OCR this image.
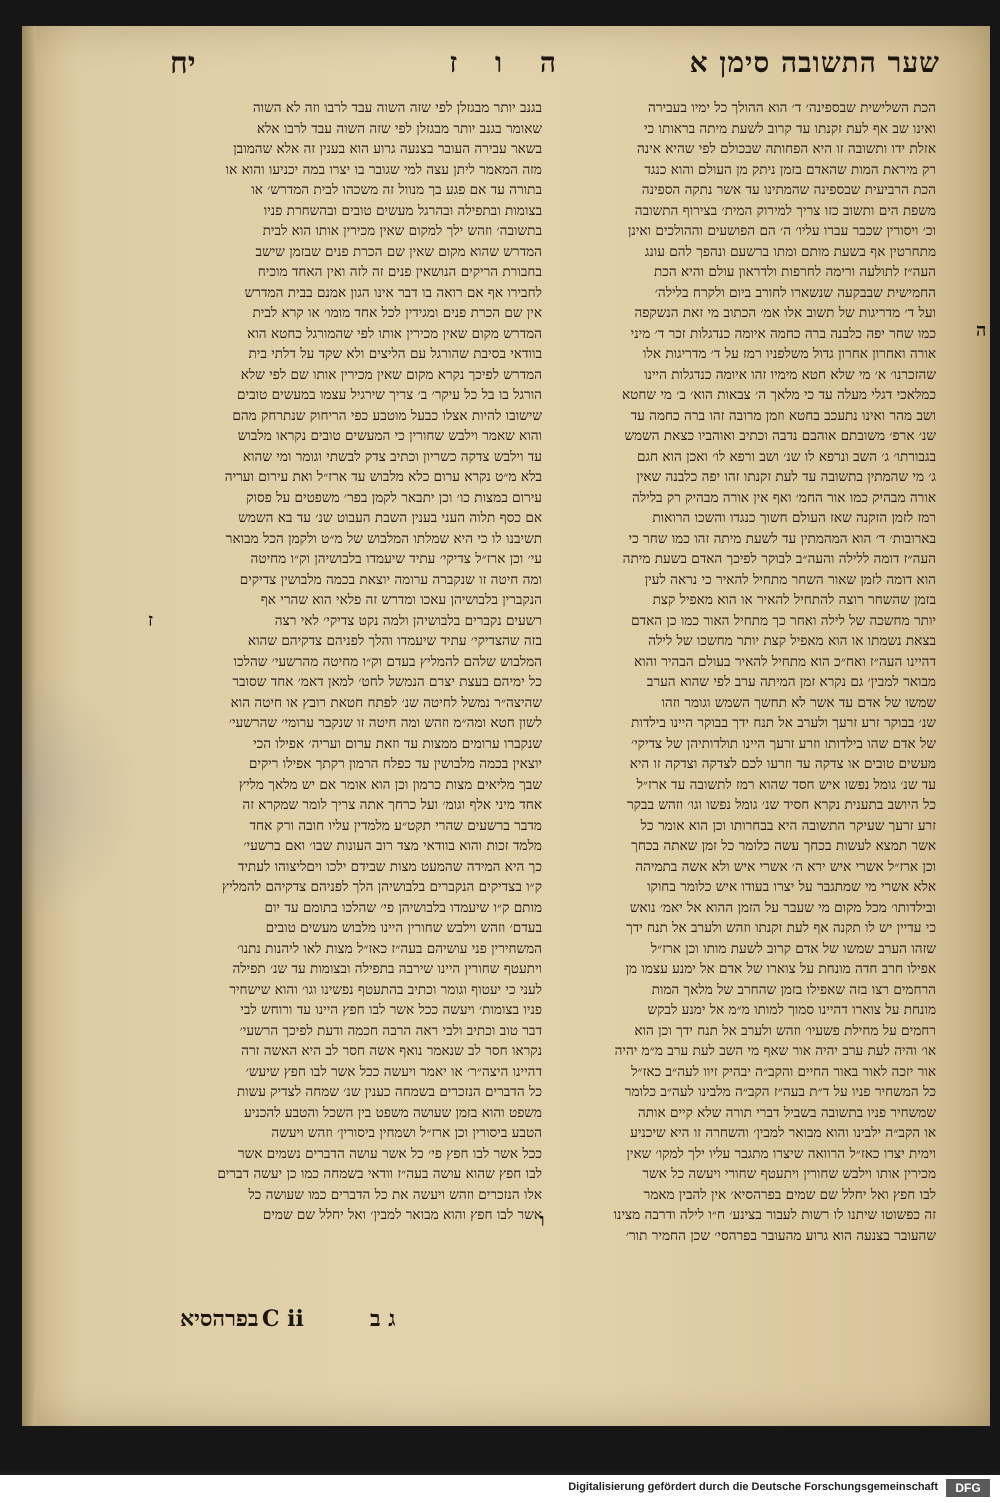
שער התשובה סימן א
ה ו ז
יח
הכת השלישית שבספינה׳ ד׳ הוא ההולך כל ימיו בעבירה
ואינו שב אף לעת זקנתו עד קרוב לשעת מיתה בראותו כי
אזלת ידו ותשובה זו היא הפחותה שבכולם לפי שהיא אינה
רק מיראת המות שהאדם בזמן ניתק מן העולם והוא כנגד
הכת הרביעית שבספינה שהמתינו עד אשר נתקה הספינה
משפת הים ותשוב כזו צריך למירוק המית׳ בצירוף התשובה
וכ׳ ויסורין שכבר עברו עליו׳ ה׳ הם הפושעים וההולכים ואינן
מתחרטין אף בשעת מותם ומתו ברשעם ונהפך להם עונג
העה״ז לתולעה ורימה לחרפות ולדראון עולם והיא הכת
החמישית שבבקעה שנשארו לחורב ביום ולקרח בלילה׳
ועל ד׳ מדריגות של תשוב אלו אמ׳ הכתוב מי זאת הנשקפה
כמו שחר יפה כלבנה ברה כחמה איומה כנדגלות זכר ד׳ מיני
אורה ואחרון אחרון גדול משלפניו רמז על ד׳ מדריגות אלו
שהזכרנו׳ א׳ מי שלא חטא מימיו זהו איומה כנדגלות היינו
כמלאכי דגלי מעלה עד כי מלאך ה׳ צבאות הוא׳ ב׳ מי שחטא
ושב מהר ואינו נתעכב בחטא וזמן מרובה זהו ברה כחמה עד
שנ׳ ארפ׳ משובתם אוהבם נדבה וכתיב ואוהביו כצאת השמש
בגבורתו׳ ג׳ השב ונרפא לו שנ׳ ושב ורפא לו׳ ואכן הוא חגם
ג׳ מי שהמתין בתשובה עד לעת זקנתו זהו יפה כלבנה שאין
אורה מבהיק כמו אור החמ׳ ואף אין אורה מבהיק רק בלילה
רמז לזמן הזקנה שאז העולם חשוך כנגדו והשכו הרואות
בארובות׳ ד׳ הוא המהמתין עד לשעת מיתה זהו כמו שחר כי
העה״ז דומה ללילה והעה״ב לבוקר לפיכך האדם בשעת מיתה
הוא דומה לזמן שאור השחר מתחיל להאיר כי נראה לעין
בזמן שהשחר רוצה להתחיל להאיר או הוא מאפיל קצת
יותר מחשכה של לילה ואחר כך מתחיל האור כמו כן האדם
בצאת נשמתו או הוא מאפיל קצת יותר מחשכו של לילה
דהיינו העה״ז ואח״כ הוא מתחיל להאיר בעולם הבהיר והוא
מבואר למבין׳ גם נקרא זמן המיתה ערב לפי שהוא הערב
שמשו של אדם עד אשר לא תחשך השמש וגומר וזהו
שנ׳ בבוקר זרע זרעך ולערב אל תנח ידך בבוקר היינו בילדות
של אדם שהו בילדותו וזרע זרעך היינו תולדותיהן של צדיקי׳
מעשים טובים או צדקה עד וזרעו לכם לצדקה וצדקה זו היא
עד שנ׳ גומל נפשו איש חסד שהוא רמז לתשובה עד ארז״ל
כל היושב בתענית נקרא חסיד שנ׳ גומל נפשו וגו׳ וזהש בבקר
זרע זרעך שעיקר התשובה היא בבחרותו וכן הוא אומר כל
אשר תמצא לעשות בכחך עשה כלומר כל זמן שאתה בכחך
וכן ארז״ל אשרי איש ירא ה׳ אשרי איש ולא אשה בתמיהה
אלא אשרי מי שמתגבר על יצרו בעודו איש כלומר בחוקו
ובילדותו׳ מכל מקום מי שעבר על הזמן ההוא אל יאמ׳ נואש
כי עדיין יש לו תקנה אף לעת זקנתו וזהש ולערב אל תנח ידך
שזהו הערב שמשו של אדם קרוב לשעת מותו וכן ארז״ל
אפילו חרב חדה מונחת על צוארו של אדם אל ימנע עצמו מן
הרחמים רצו בזה שאפילו בזמן שהחרב של מלאך המות
מונחת על צוארו דהיינו סמוך למותו מ״מ אל ימנע לבקש
רחמים על מחילת פשעיו׳ וזהש ולערב אל תנח ידך וכן הוא
או׳ והיה לעת ערב יהיה אור שאף מי השב לעת ערב מ״מ יהיה
אור יזכה לאור באור החיים והקב״ה יבהיק זיוו לעה״ב כאז״ל
כל המשחיר פניו על ד״ת בעה״ז הקב״ה מלבינו לעה״ב כלומר
שמשחיר פניו בתשובה בשביל דברי תורה שלא קיים אותה
או הקב״ה ילבינו והוא מבואר למבין׳ והשחרה זו היא שיכניע
וימית יצרו כאז״ל הרוואה שיצרו מתגבר עליו ילך למקו׳ שאין
מכירין אותו וילבש שחורין ויתעטף שחורי ויעשה כל אשר
לבו חפץ ואל יחלל שם שמים בפרהסיא׳ אין להבין מאמר
זה כפשוטו שיתנו לו רשות לעבור בצינע׳ ח״ו לילה ודרבה מצינו
שהעובר בצנעה הוא גרוע מהעובר בפרהסי׳ שכן החמיר תור׳
בגנב יותר מבגזלן לפי שזה השוה עבד לרבו וזה לא השוה
שאומר בגנב יותר מבגזלן לפי שזה השוה עבד לרבו אלא
בשאר עבירה העובר בצנעה גרוע הוא בענין זה אלא שהמובן
מזה המאמר ליתן עצה למי שגובר בו יצרו במה יכניעו והוא או
בתורה עד אם פגע בך מנוול זה משכהו לבית המדרש׳ או
בצומות ובתפילה ובהרגל מעשים טובים ובהשחרת פניו
בתשובה׳ וזהש ילך למקום שאין מכירין אותו הוא לבית
המדרש שהוא מקום שאין שם הכרת פנים שבזמן שישב
בחבורת הריקים הנושאין פנים זה לזה ואין האחד מוכיח
לחבירו אף אם רואה בו דבר אינו הגון אמנם בבית המדרש
אין שם הכרת פנים ומגידין לכל אחד מומו׳ או קרא לבית
המדרש מקום שאין מכירין אותו לפי שהמורגל כחטא הוא
בוודאי בסיבת שהורגל עם הליצים ולא שקד על דלתי בית
המדרש לפיכך נקרא מקום שאין מכירין אותו שם לפי שלא
הורגל בו בל כל עיקר׳ ב׳ צריך שירגיל עצמו במעשים טובים
שישובו להיות אצלו כבעל מוטבע כפי הריחוק שנתרחק מהם
והוא שאמר וילבש שחורין כי המעשים טובים נקראו מלבוש
עד וילבש צדקה כשריון וכתיב צדק לבשתי וגומר ומי שהוא
בלא מ״ט נקרא ערום כלא מלבוש עד ארז״ל ואת עירום ועריה
עירום במצות כו׳ וכן יתבאר לקמן בפר׳ משפטים על פסוק
אם כסף תלוה העני בענין השבת העבוט שנ׳ עד בא השמש
תשיבנו לו כי היא שמלתו המלבוש של מ״ט ולקמן הכל מבואר
עי׳ וכן ארז״ל צדיקי׳ עתיד שיעמדו בלבושיהן וק״ו מחיטה
ומה חיטה זו שנקברה ערומה יוצאת בכמה מלבושין צדיקים
הנקברין בלבושיהן עאכו ומדרש זה פלאי הוא שהרי אף
רשעים נקברים בלבושיהן ולמה נקט צדיקי׳ לאי רצה
בזה שהצדיקי׳ עתיד שיעמדו והלך לפניהם צדקיהם שהוא
המלבוש שלהם להמליץ בעדם וק״ו מחיטה מהרשעי׳ שהלכו
כל ימיהם בעצת יצרם הנמשל לחט׳ למאן דאמ׳ אחד שסובר
שהיצה״ר נמשל לחיטה שנ׳ לפתח חטאת רובץ או חיטה הוא
לשון חטא ומה״מ וזהש ומה חיטה זו שנקבר ערומי׳ שהרשעי׳
שנקברו ערומים ממצות עד וזאת ערום ועריה׳ אפילו הכי
יוצאין בכמה מלבושין עד כפלח הרמון רקתך אפילו ריקים
שבך מליאים מצות כרמון וכן הוא אומר אם יש מלאך מליץ
אחד מיני אלף וגומ׳ ועל כרחך אתה צריך לומר שמקרא זה
מדבר ברשעים שהרי תקט״ע מלמדין עליו חובה ורק אחד
מלמד זכות והוא בוודאי מצד רוב העונות שבו׳ ואם ברשעי׳
כך היא המידה שהמעט מצות שבידם ילכו ויםליצוהו לעתיד
ק״ו בצדיקים הנקברים בלבושיהן הלך לפניהם צדקיהם להמליץ
מותם ק״ו שיעמדו בלבושיהן פי׳ שהלכו בתומם עד יום
בעדם׳ וזהש וילבש שחורין היינו מלבוש מעשים טובים
המשחירין פני עושיהם בעה״ז כאז״ל מצות לאו ליהנות נתנו׳
ויתעטף שחורין היינו שירבה בתפילה ובצומות עד שנ׳ תפילה
לעני כי יעטוף וגומר וכתיב בהתעטף נפשינו וגו׳ והוא שישחיר
פניו בצומות׳ ויעשה ככל אשר לבו חפץ היינו עד ורוחש לבי
דבר טוב וכתיב ולבי ראה הרבה חכמה ודעת לפיכך הרשעי׳
נקראו חסר לב שנאמר נואף אשה חסר לב היא האשה זרה
דהיינו היצה״ר׳ או יאמר ויעשה ככל אשר לבו חפץ שיעש׳
כל הדברים הנזכרים בשמחה כענין שנ׳ שמחה לצדיק עשות
משפט והוא בזמן שעושה משפט בין השכל והטבע להכניע
הטבע ביסורין וכן ארז״ל ושמחין ביסורין׳ וזהש ויעשה
ככל אשר לבו חפץ פי׳ כל אשר עושה הדברים נשמים אשר
לבו חפץ שהוא עושה בעה״ז וודאי בשמחה כמו כן יעשה דברים
אלו הנזכרים וזהש ויעשה את כל הדברים כמו שעושה כל
אשר לבו חפץ והוא מבואר למבין׳ ואל יחלל שם שמים
ה
ז
ו
בפרהסיא	ג ב
C ii
Digitalisierung gefördert durch die Deutsche Forschungsgemeinschaft	DFG
